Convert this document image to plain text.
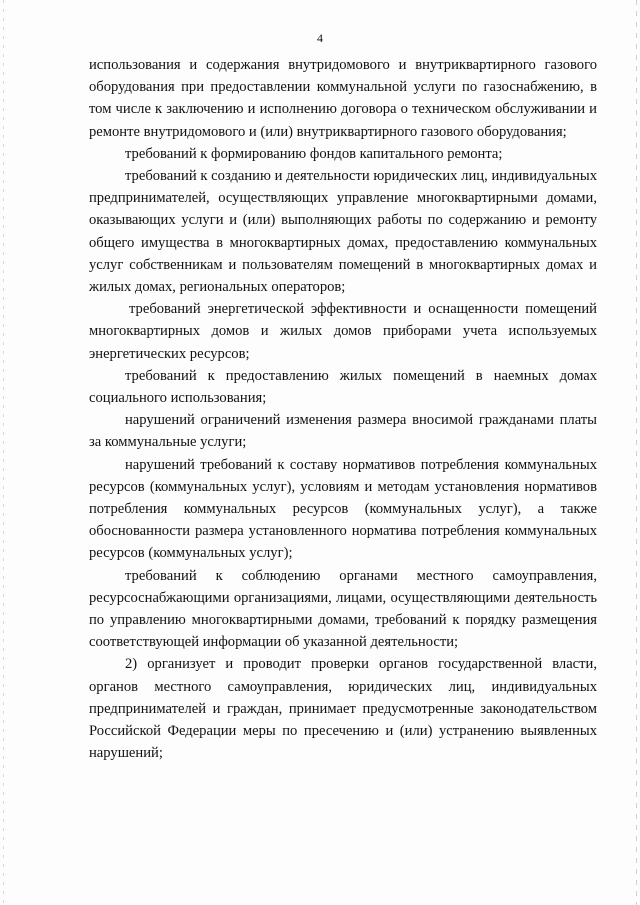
4

использования и содержания внутридомового и внутриквартирного газового оборудования при предоставлении коммунальной услуги по газоснабжению, в том числе к заключению и исполнению договора о техническом обслуживании и ремонте внутридомового и (или) внутриквартирного газового оборудования;

требований к формированию фондов капитального ремонта;

требований к созданию и деятельности юридических лиц, индивидуальных предпринимателей, осуществляющих управление многоквартирными домами, оказывающих услуги и (или) выполняющих работы по содержанию и ремонту общего имущества в многоквартирных домах, предоставлению коммунальных услуг собственникам и пользователям помещений в многоквартирных домах и жилых домах, региональных операторов;

требований энергетической эффективности и оснащенности помещений многоквартирных домов и жилых домов приборами учета используемых энергетических ресурсов;

требований к предоставлению жилых помещений в наемных домах социального использования;

нарушений ограничений изменения размера вносимой гражданами платы за коммунальные услуги;

нарушений требований к составу нормативов потребления коммунальных ресурсов (коммунальных услуг), условиям и методам установления нормативов потребления коммунальных ресурсов (коммунальных услуг), а также обоснованности размера установленного норматива потребления коммунальных ресурсов (коммунальных услуг);

требований к соблюдению органами местного самоуправления, ресурсоснабжающими организациями, лицами, осуществляющими деятельность по управлению многоквартирными домами, требований к порядку размещения соответствующей информации об указанной деятельности;

2) организует и проводит проверки органов государственной власти, органов местного самоуправления, юридических лиц, индивидуальных предпринимателей и граждан, принимает предусмотренные законодательством Российской Федерации меры по пресечению и (или) устранению выявленных нарушений;
